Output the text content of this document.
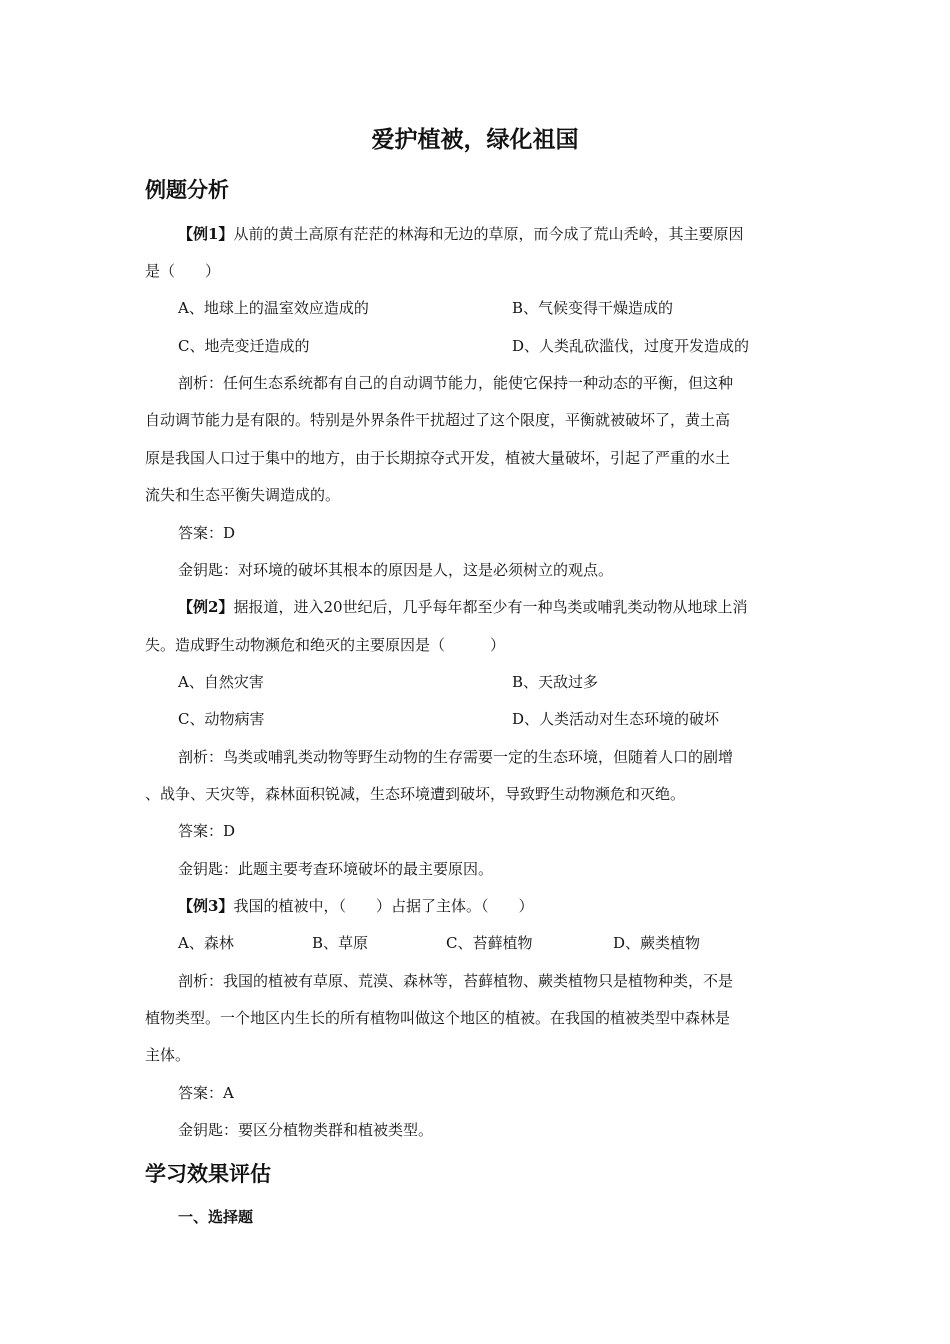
爱护植被，绿化祖国
例题分析
【例1】从前的黄土高原有茫茫的林海和无边的草原，而今成了荒山秃岭，其主要原因
是（　　）
A、地球上的温室效应造成的	B、气候变得干燥造成的
C、地壳变迁造成的	D、人类乱砍滥伐，过度开发造成的
剖析：任何生态系统都有自己的自动调节能力，能使它保持一种动态的平衡，但这种
自动调节能力是有限的。特别是外界条件干扰超过了这个限度，平衡就被破坏了，黄土高
原是我国人口过于集中的地方，由于长期掠夺式开发，植被大量破坏，引起了严重的水土
流失和生态平衡失调造成的。
答案：D
金钥匙：对环境的破坏其根本的原因是人，这是必须树立的观点。
【例2】据报道，进入20世纪后，几乎每年都至少有一种鸟类或哺乳类动物从地球上消
失。造成野生动物濒危和绝灭的主要原因是（　　　）
A、自然灾害	B、天敌过多
C、动物病害	D、人类活动对生态环境的破坏
剖析：鸟类或哺乳类动物等野生动物的生存需要一定的生态环境，但随着人口的剧增
、战争、天灾等，森林面积锐减，生态环境遭到破坏，导致野生动物濒危和灭绝。
答案：D
金钥匙：此题主要考查环境破坏的最主要原因。
【例3】我国的植被中，（　　）占据了主体。（　　）
A、森林	B、草原	C、苔藓植物	D、蕨类植物
剖析：我国的植被有草原、荒漠、森林等，苔藓植物、蕨类植物只是植物种类，不是
植物类型。一个地区内生长的所有植物叫做这个地区的植被。在我国的植被类型中森林是
主体。
答案：A
金钥匙：要区分植物类群和植被类型。
学习效果评估
一、选择题
